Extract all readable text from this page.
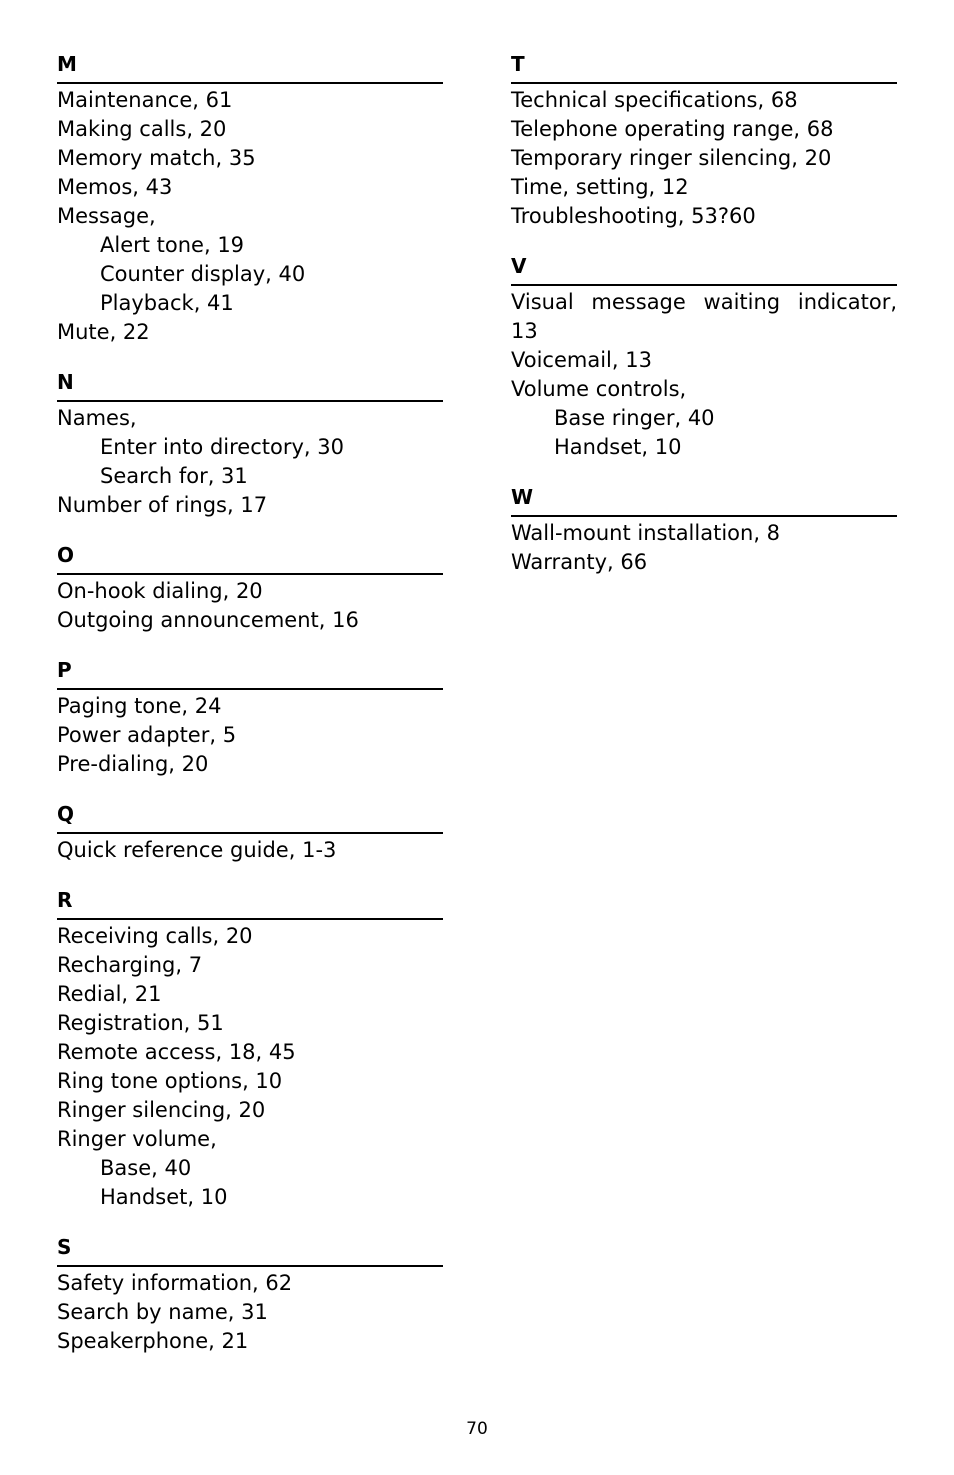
M
Maintenance, 61
Making calls, 20
Memory match, 35
Memos, 43
Message,
Alert tone, 19
Counter display, 40
Playback, 41
Mute, 22
N
Names,
Enter into directory, 30
Search for, 31
Number of rings, 17
O
On-hook dialing, 20
Outgoing announcement, 16
P
Paging tone, 24
Power adapter, 5
Pre-dialing, 20
Q
Quick reference guide, 1-3
R
Receiving calls, 20
Recharging, 7
Redial, 21
Registration, 51
Remote access, 18, 45
Ring tone options, 10
Ringer silencing, 20
Ringer volume,
Base, 40
Handset, 10
S
Safety information, 62
Search by name, 31
Speakerphone, 21
T
Technical specifications, 68
Telephone operating range, 68
Temporary ringer silencing, 20
Time, setting, 12
Troubleshooting, 53?60
V
Visual message waiting indicator, 13
Voicemail, 13
Volume controls,
Base ringer, 40
Handset, 10
W
Wall-mount installation, 8
Warranty, 66
70
